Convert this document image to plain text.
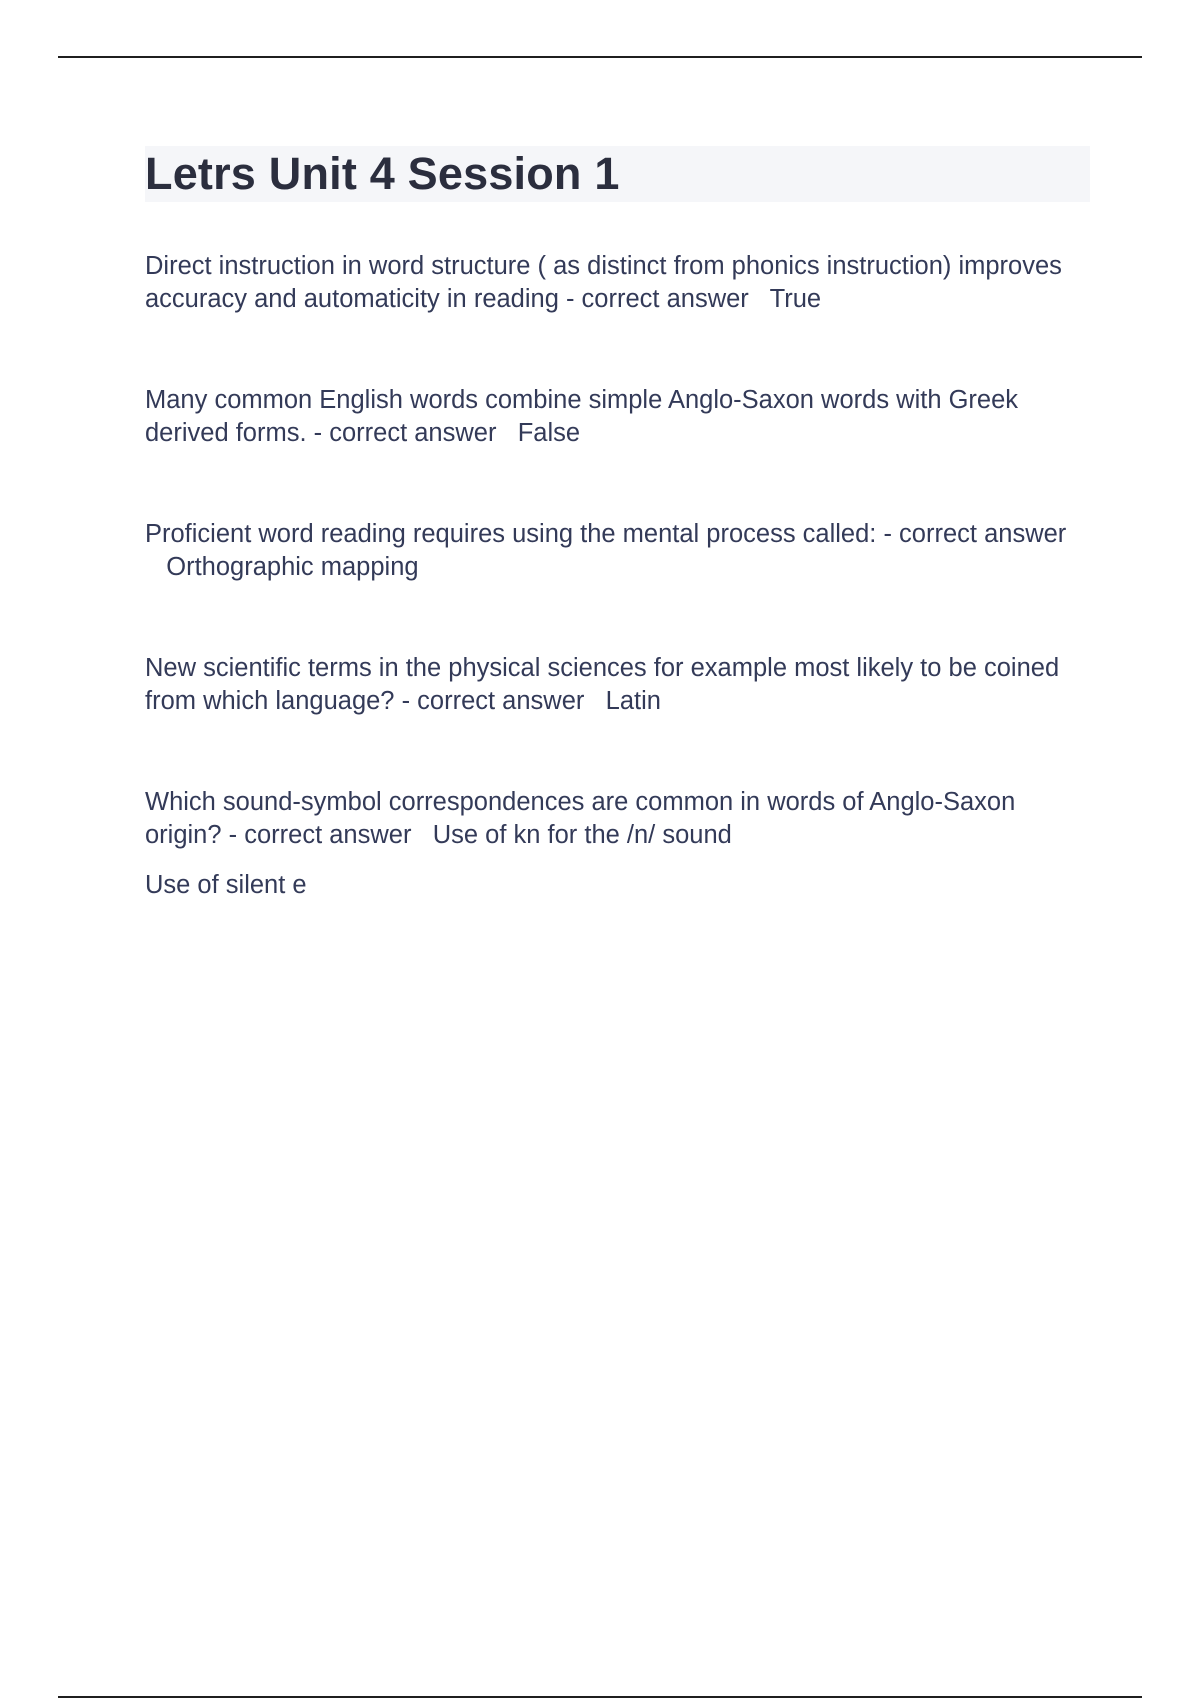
Letrs Unit 4 Session 1
Direct instruction in word structure ( as distinct from phonics instruction) improves accuracy and automaticity in reading - correct answer True
Many common English words combine simple Anglo-Saxon words with Greek derived forms. - correct answer False
Proficient word reading requires using the mental process called: - correct answer   Orthographic mapping
New scientific terms in the physical sciences for example most likely to be coined from which language? - correct answer Latin
Which sound-symbol correspondences are common in words of Anglo-Saxon origin? - correct answer Use of kn for the /n/ sound
Use of silent e
